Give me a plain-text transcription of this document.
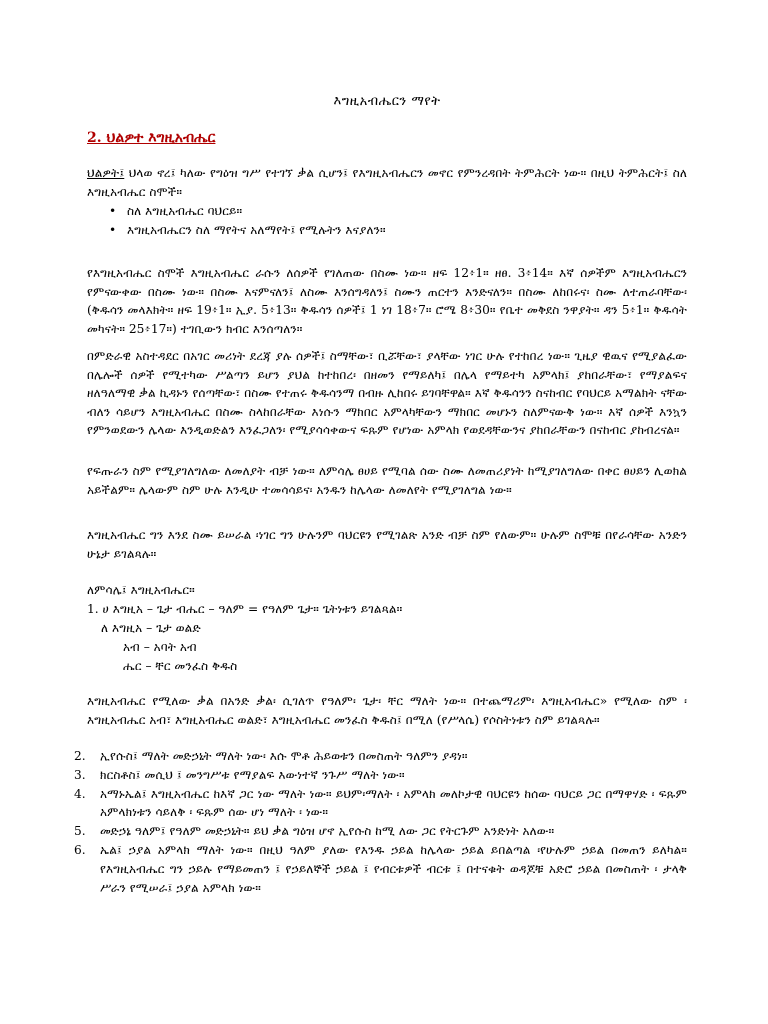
እግዚአብሔርን ማየት
2. ህልዎተ እግዚአብሔር

ህልዎት፤ ህላወ ኖረ፤ ካለው የግዕዝ ግሥ የተገኘ ቃል ሲሆን፤ የእግዚአብሔርን መኖር የምንረዳበት ትምሕርት ነው። በዚህ ትምሕርት፤ ስለ እግዚአብሔር ስሞች።

• ስለ እግዚአብሔር ባህርይ።
• እግዚአብሔርን ስለ ማየትና አለማየት፤ የሚሉትን እናያለን።

የእግዚአብሔር ስሞች እግዚአብሔር ራሱን ለሰዎች የገለጠው በስሙ ነው። ዘፍ 12፥1። ዘፀ. 3፥14። እኛ ሰዎችም እግዚአብሔርን የምናውቀው በስሙ ነው። በስሙ እናምናለን፤ ለስሙ እንሰግዳለን፤ ስሙን ጠርተን እንድናለን። በስሙ ለከበሩና፡ ስሙ ለተጠራባቸው፡ (ቅዱሳን መላእክት። ዘፍ 19፥1። ኢያ. 5፥13። ቅዱሳን ሰዎች፤ 1 ነገ 18፥7። ሮሜ 8፥30። የቤተ መቅደስ ንዋያት። ዳን 5፥1። ቅዱሳት መካናት። 25፥17።) ተገቢውን ክብር እንሰጣለን።

በምድራዊ አስተዳደር በአገር መሪነት ደረጃ ያሉ ሰዎች፤ ስማቸው፣ ቢሯቸው፣ ያላቸው ነገር ሁሉ የተከበረ ነው። ጊዜያ ዊዉና የሚያልፈው በሌሎች ሰዎች የሚተካው ሥልጣን ይሆን ያህል ከተከበረ፡ በዘመን የማይለካ፤ በሌላ የማይተካ አምላክ፤ ያከበራቸው፣ የማያልፍና ዘለዓለማዊ ቃል ኪዳኑን የሰጣቸው፣ በስሙ የተጠሩ ቅዱሳንማ በብዙ ሊከበሩ ይገባቸዋል። እኛ ቅዱሳንን ስናከብር የባህርይ አማልክት ናቸው ብለን ሳይሆን እግዚአብሔር በስሙ ስላከበራቸው እነሱን ማክበር አምላካቸውን ማክበር መሆኑን ስለምናውቅ ነው። እኛ ሰዎች እንኳን የምንወደውን ሌላው እንዲወድልን እንፈጋለን፡ የሚያሳሳቀውና ፍጹም የሆነው አምላክ የወደዳቸውንና ያከበራቸውን በናከብር ያከብረናል።

የፍጡራን ስም የሚያገለግለው ለመለያት ብቻ ነው። ለምሳሌ ፀሀይ የሚባል ሰው ስሙ ለመጠሪያነት ከሚያገለግለው በቀር ፀሀይን ሊወክል አይችልም። ሌላውም ስም ሁሉ እንዲሁ ተመሳሳይና፡ አንዱን ከሌላው ለመለየት የሚያገለግል ነው።

እግዚአብሔር ግን እንደ ስሙ ይሠራል ፡ነገር ግን ሁሉንም ባህርዩን የሚገልጽ አንድ ብቻ ስም የለውም። ሁሉም ስሞቹ በየራሳቸው አንድን ሁኔታ ይገልጻሉ።

ለምሳሌ፤ እግዚአብሔር።
1. ሀ እግዚአ – ጌታ ብሔር – ዓለም = የዓለም ጌታ። ጌትነቱን ይገልጻል።
ለ እግዚአ – ጌታ ወልድ
አብ – አባት አብ
ሔር – ቸር መንፈስ ቅዱስ

እግዚአብሔር የሚለው ቃል በአንድ ቃል፡ ሲገለጥ የዓለም፡ ጌታ፡ ቸር ማለት ነው። በተጨማሪም፡ እግዚአብሔር» የሚለው ስም ፡ እግዚአብሔር አብ፣ እግዚአብሔር ወልድ፣ እግዚአብሔር መንፈስ ቅዱስ፤ በሚለ (የሥላሴ) የሶስትነቱን ስም ይገልጻሉ።

2. ኢየሱስ፤ ማለት መድኃኒት ማለት ነው፡ እሱ ሞቶ ሕይወቱን በመስጠት ዓለምን ያዳነ።
3. ክርስቶስ፤ መሲህ ፤ መንግሥቱ የማያልፍ እውነተኛ ንጉሥ ማለት ነው።
4. አማኑኤል፤ እግዚአብሔር ከእኛ ጋር ነው ማለት ነው። ይህም፡ማለት ፡ አምላክ መለኮታዊ ባህርዩን ከሰው ባህርይ ጋር በማዋሃድ ፡ ፍጹም አምላክነቱን ሳይለቅ ፡ ፍጹም ሰው ሆነ ማለት ፡ ነው።
5. መድኃኔ ዓለም፤ የዓለም መድኃኒት። ይህ ቃል ግዕዝ ሆኖ ኢየሱስ ከሚ ለው ጋር የትርጉም አንድነት አለው።
6. ኤል፤ ኃያል አምላክ ማለት ነው። በዚህ ዓለም ያለው የእንዱ ኃይል ከሌላው ኃይል ይበልጣል ፡የሁሉም ኃይል በመጠን ይለካል። የእግዚአብሔር ግን ኃይሉ የማይመጠን ፤ የኃይለኞች ኃይል ፤ የብርቱዎች ብርቱ ፤ በተናቁት ወዳጆቹ አድሮ ኃይል በመስጠት ፡ ታላቅ ሥራን የሚሠራ፤ ኃያል አምላክ ነው።
